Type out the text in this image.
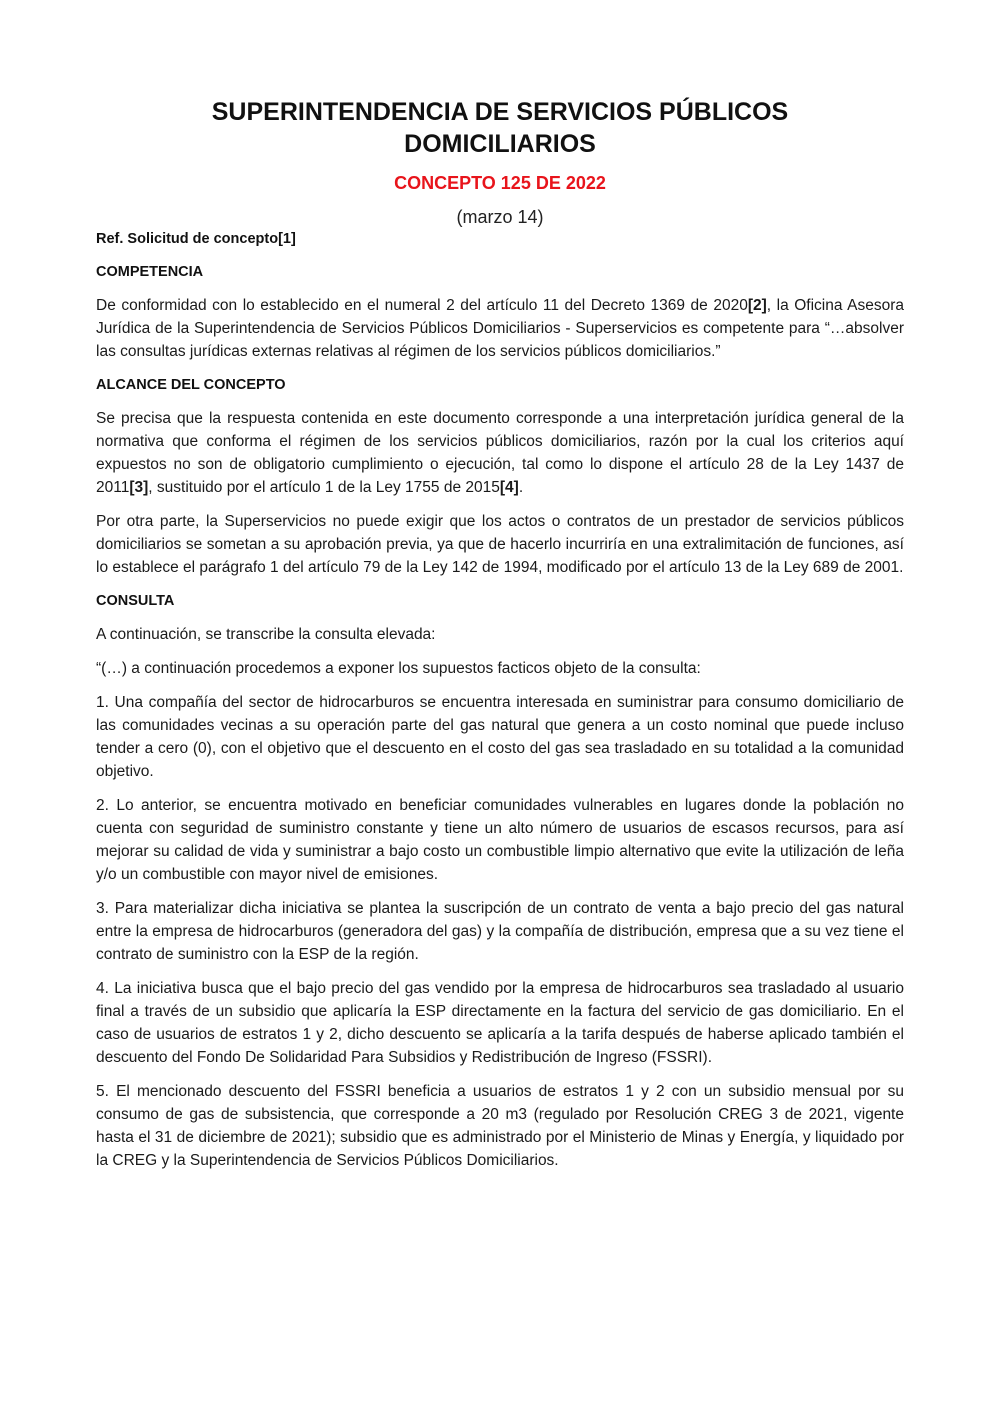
SUPERINTENDENCIA DE SERVICIOS PÚBLICOS
DOMICILIARIOS
CONCEPTO 125 DE 2022
(marzo 14)
Ref. Solicitud de concepto[1]
COMPETENCIA

De conformidad con lo establecido en el numeral 2 del artículo 11 del Decreto 1369 de 2020[2], la Oficina Asesora Jurídica de la Superintendencia de Servicios Públicos Domiciliarios - Superservicios es competente para “…absolver las consultas jurídicas externas relativas al régimen de los servicios públicos domiciliarios.”

ALCANCE DEL CONCEPTO

Se precisa que la respuesta contenida en este documento corresponde a una interpretación jurídica general de la normativa que conforma el régimen de los servicios públicos domiciliarios, razón por la cual los criterios aquí expuestos no son de obligatorio cumplimiento o ejecución, tal como lo dispone el artículo 28 de la Ley 1437 de 2011[3], sustituido por el artículo 1 de la Ley 1755 de 2015[4].

Por otra parte, la Superservicios no puede exigir que los actos o contratos de un prestador de servicios públicos domiciliarios se sometan a su aprobación previa, ya que de hacerlo incurriría en una extralimitación de funciones, así lo establece el parágrafo 1 del artículo 79 de la Ley 142 de 1994, modificado por el artículo 13 de la Ley 689 de 2001.

CONSULTA

A continuación, se transcribe la consulta elevada:

“(…) a continuación procedemos a exponer los supuestos facticos objeto de la consulta:

1. Una compañía del sector de hidrocarburos se encuentra interesada en suministrar para consumo domiciliario de las comunidades vecinas a su operación parte del gas natural que genera a un costo nominal que puede incluso tender a cero (0), con el objetivo que el descuento en el costo del gas sea trasladado en su totalidad a la comunidad objetivo.

2. Lo anterior, se encuentra motivado en beneficiar comunidades vulnerables en lugares donde la población no cuenta con seguridad de suministro constante y tiene un alto número de usuarios de escasos recursos, para así mejorar su calidad de vida y suministrar a bajo costo un combustible limpio alternativo que evite la utilización de leña y/o un combustible con mayor nivel de emisiones.

3. Para materializar dicha iniciativa se plantea la suscripción de un contrato de venta a bajo precio del gas natural entre la empresa de hidrocarburos (generadora del gas) y la compañía de distribución, empresa que a su vez tiene el contrato de suministro con la ESP de la región.

4. La iniciativa busca que el bajo precio del gas vendido por la empresa de hidrocarburos sea trasladado al usuario final a través de un subsidio que aplicaría la ESP directamente en la factura del servicio de gas domiciliario. En el caso de usuarios de estratos 1 y 2, dicho descuento se aplicaría a la tarifa después de haberse aplicado también el descuento del Fondo De Solidaridad Para Subsidios y Redistribución de Ingreso (FSSRI).

5. El mencionado descuento del FSSRI beneficia a usuarios de estratos 1 y 2 con un subsidio mensual por su consumo de gas de subsistencia, que corresponde a 20 m3 (regulado por Resolución CREG 3 de 2021, vigente hasta el 31 de diciembre de 2021); subsidio que es administrado por el Ministerio de Minas y Energía, y liquidado por la CREG y la Superintendencia de Servicios Públicos Domiciliarios.
